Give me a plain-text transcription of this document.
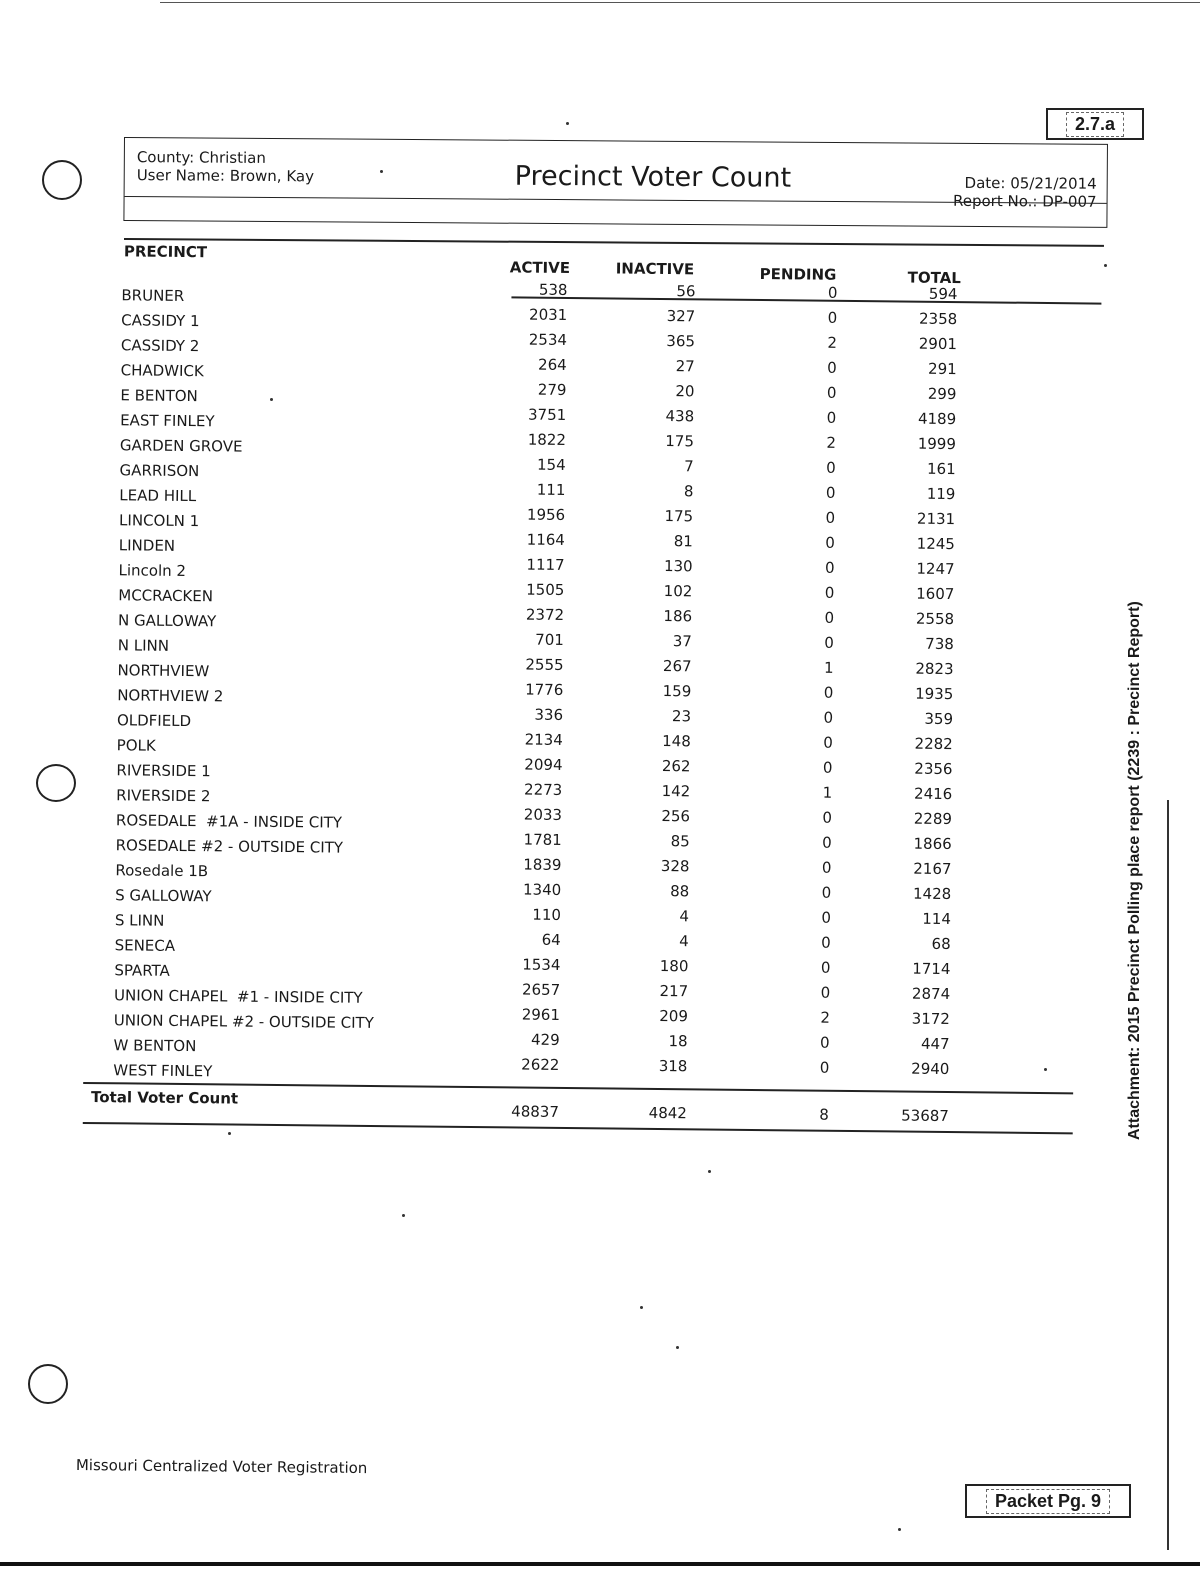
2.7.a
County: Christian
User Name: Brown, Kay	Precinct Voter Count	Date: 05/21/2014
Report No.: DP-007
PRECINCT
ACTIVE	INACTIVE	PENDING	TOTAL
BRUNER	538	56	0	594
CASSIDY 1	2031	327	0	2358
CASSIDY 2	2534	365	2	2901
CHADWICK	264	27	0	291
E BENTON	279	20	0	299
EAST FINLEY	3751	438	0	4189
GARDEN GROVE	1822	175	2	1999
GARRISON	154	7	0	161
LEAD HILL	111	8	0	119
LINCOLN 1	1956	175	0	2131
LINDEN	1164	81	0	1245
Lincoln 2	1117	130	0	1247
MCCRACKEN	1505	102	0	1607
N GALLOWAY	2372	186	0	2558
N LINN	701	37	0	738
NORTHVIEW	2555	267	1	2823
NORTHVIEW 2	1776	159	0	1935
OLDFIELD	336	23	0	359
POLK	2134	148	0	2282
RIVERSIDE 1	2094	262	0	2356
RIVERSIDE 2	2273	142	1	2416
ROSEDALE  #1A - INSIDE CITY	2033	256	0	2289
ROSEDALE #2 - OUTSIDE CITY	1781	85	0	1866
Rosedale 1B	1839	328	0	2167
S GALLOWAY	1340	88	0	1428
S LINN	110	4	0	114
SENECA	64	4	0	68
SPARTA	1534	180	0	1714
UNION CHAPEL  #1 - INSIDE CITY	2657	217	0	2874
UNION CHAPEL #2 - OUTSIDE CITY	2961	209	2	3172
W BENTON	429	18	0	447
WEST FINLEY	2622	318	0	2940
Total Voter Count
48837	4842	8	53687
Missouri Centralized Voter Registration
Packet Pg. 9
Attachment: 2015 Precinct Polling place report (2239 : Precinct Report)
